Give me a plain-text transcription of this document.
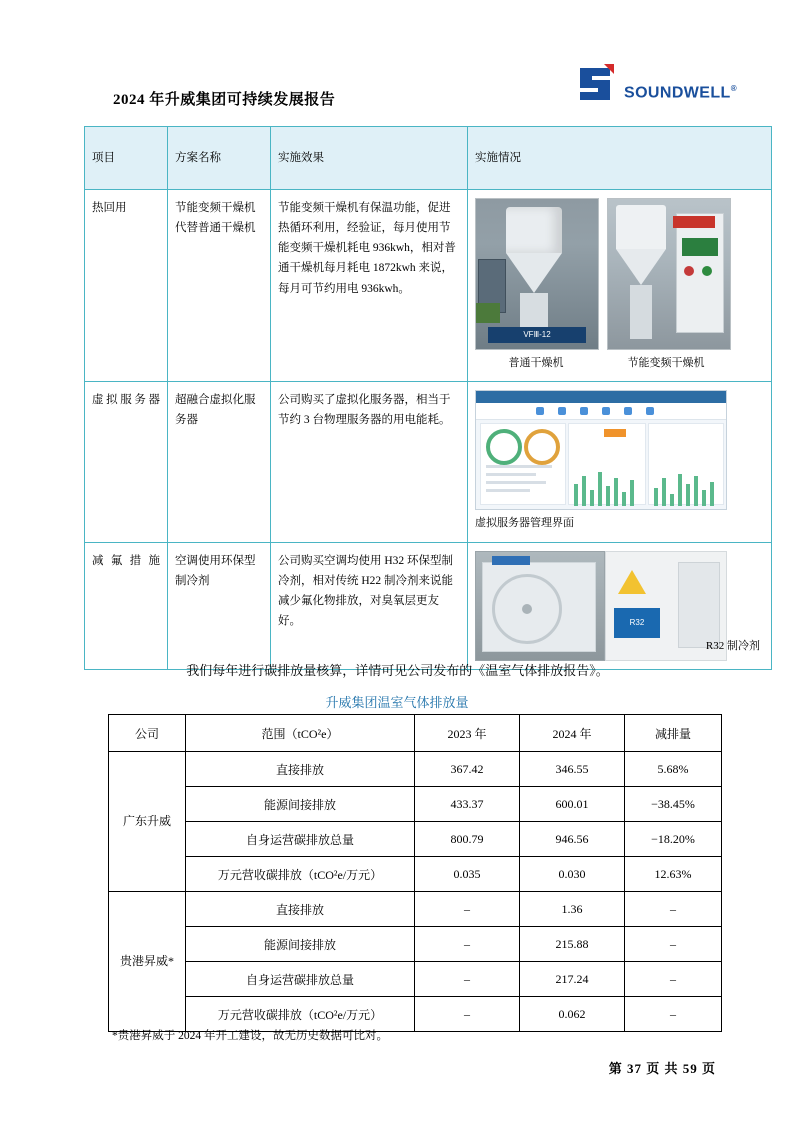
2024 年升威集团可持续发展报告	SOUNDWELL®
项目	方案名称	实施效果	实施情况
热回用	节能变频干燥机代替普通干燥机	节能变频干燥机有保温功能，促进热循环利用，经验证，每月使用节能变频干燥机耗电 936kwh，相对普通干燥机每月耗电 1872kwh 来说，每月可节约用电 936kwh。	VFⅢ-12
普通干燥机 节能变频干燥机

虚拟服务器	超融合虚拟化服务器	公司购买了虚拟化服务器，相当于节约 3 台物理服务器的用电能耗。	虚拟服务器管理界面

减氟措施	空调使用环保型制冷剂	公司购买空调均使用 H32 环保型制冷剂，相对传统 H22 制冷剂来说能减少氟化物排放，对臭氧层更友好。	R32
R32 制冷剂
我们每年进行碳排放量核算，详情可见公司发布的《温室气体排放报告》。
升威集团温室气体排放量
公司	范围（tCO²e）	2023 年	2024 年	减排量
广东升威	直接排放	367.42	346.55	5.68%
	能源间接排放	433.37	600.01	−38.45%
	自身运营碳排放总量	800.79	946.56	−18.20%
	万元营收碳排放（tCO²e/万元）	0.035	0.030	12.63%
贵港昇威*	直接排放	–	1.36	–
	能源间接排放	–	215.88	–
	自身运营碳排放总量	–	217.24	–
	万元营收碳排放（tCO²e/万元）	–	0.062	–
*贵港昇威于 2024 年开工建设，故无历史数据可比对。
第 37 页 共 59 页
